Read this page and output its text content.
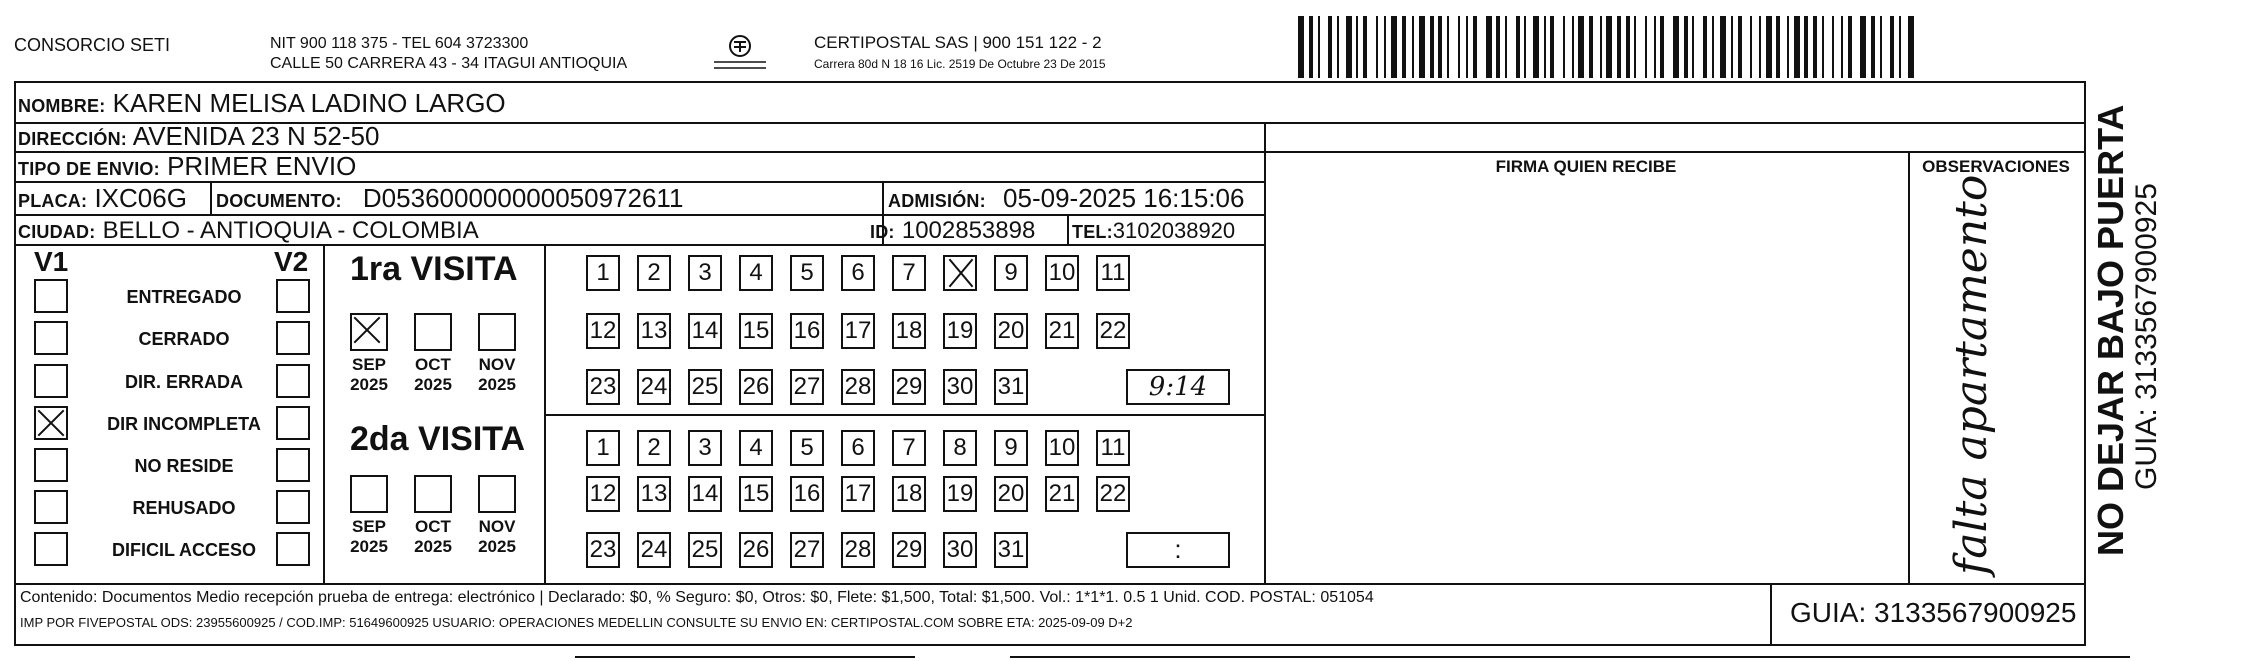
CONSORCIO SETI	NIT 900 118 375 - TEL 604 3723300
CALLE 50 CARRERA 43 - 34 ITAGUI ANTIOQUIA
CERTIPOSTAL SAS | 900 151 122 - 2
Carrera 80d N 18 16 Lic. 2519 De Octubre 23 De 2015
NOMBRE: KAREN MELISA LADINO LARGO
DIRECCIÓN: AVENIDA 23 N 52-50
TIPO DE ENVIO: PRIMER ENVIO
PLACA: IXC06G DOCUMENTO: D053600000000050972611	ADMISIÓN: 05-09-2025 16:15:06
CIUDAD: BELLO - ANTIOQUIA - COLOMBIA	ID: 1002853898 TEL:3102038920
FIRMA QUIEN RECIBE	OBSERVACIONES
V1	V2
ENTREGADO
CERRADO
DIR. ERRADA
DIR INCOMPLETA
NO RESIDE
REHUSADO
DIFICIL ACCESO
1ra VISITA
2da VISITA
SEP
2025
OCT
2025
NOV
2025
SEP
2025
OCT
2025
NOV
2025
1	2	3	4	5	6	7	9	10 11
12 13 14 15 16 17 18 19 20 21 22
23 24 25 26 27 28 29 30 31
1	2	3	4	5	6	7	8	9	10 11
12 13 14 15 16 17 18 19 20 21 22
23 24 25 26 27 28 29 30 31
9:14
:	falta apartamento	NO DEJAR BAJO PUERTA GUIA: 3133567900925
Contenido: Documentos Medio recepción prueba de entrega: electrónico | Declarado: $0, % Seguro: $0, Otros: $0, Flete: $1,500, Total: $1,500. Vol.: 1*1*1. 0.5 1 Unid. COD. POSTAL: 051054
IMP POR FIVEPOSTAL ODS: 23955600925 / COD.IMP: 51649600925 USUARIO: OPERACIONES MEDELLIN CONSULTE SU ENVIO EN: CERTIPOSTAL.COM SOBRE ETA: 2025-09-09 D+2	GUIA: 3133567900925
